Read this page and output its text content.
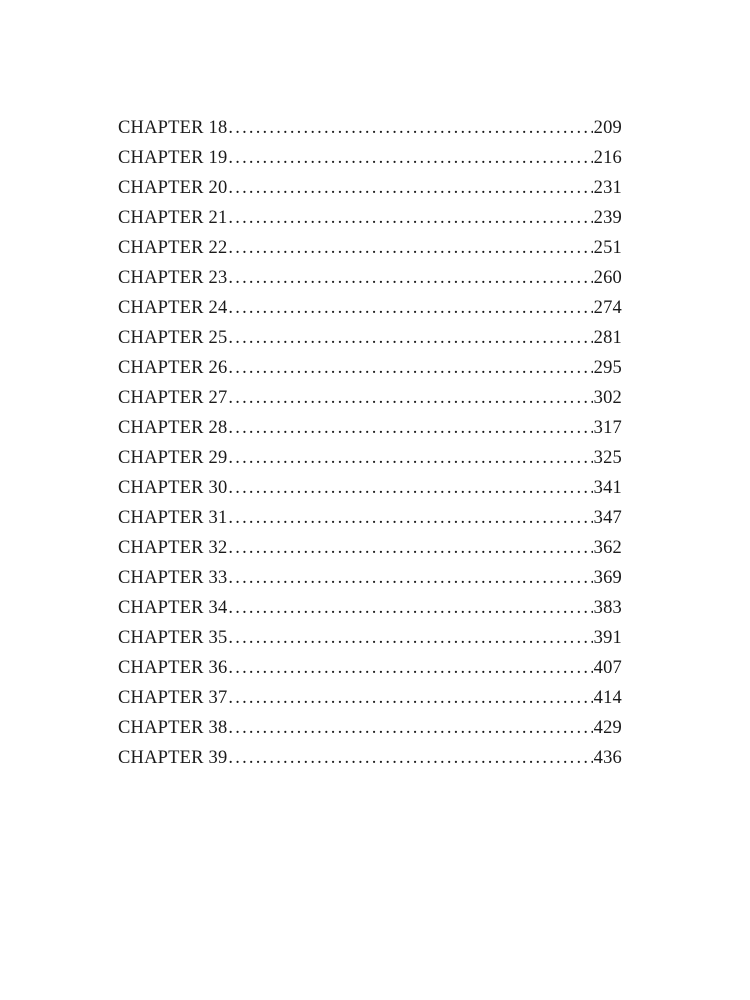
CHAPTER 18 .....	209
CHAPTER 19 .....	216
CHAPTER 20 .....	231
CHAPTER 21 .....	239
CHAPTER 22 .....	251
CHAPTER 23 .....	260
CHAPTER 24 .....	274
CHAPTER 25 .....	281
CHAPTER 26 .....	295
CHAPTER 27 .....	302
CHAPTER 28 .....	317
CHAPTER 29 .....	325
CHAPTER 30 .....	341
CHAPTER 31 .....	347
CHAPTER 32 .....	362
CHAPTER 33 .....	369
CHAPTER 34 .....	383
CHAPTER 35 .....	391
CHAPTER 36 .....	407
CHAPTER 37 .....	414
CHAPTER 38 .....	429
CHAPTER 39 .....	436
